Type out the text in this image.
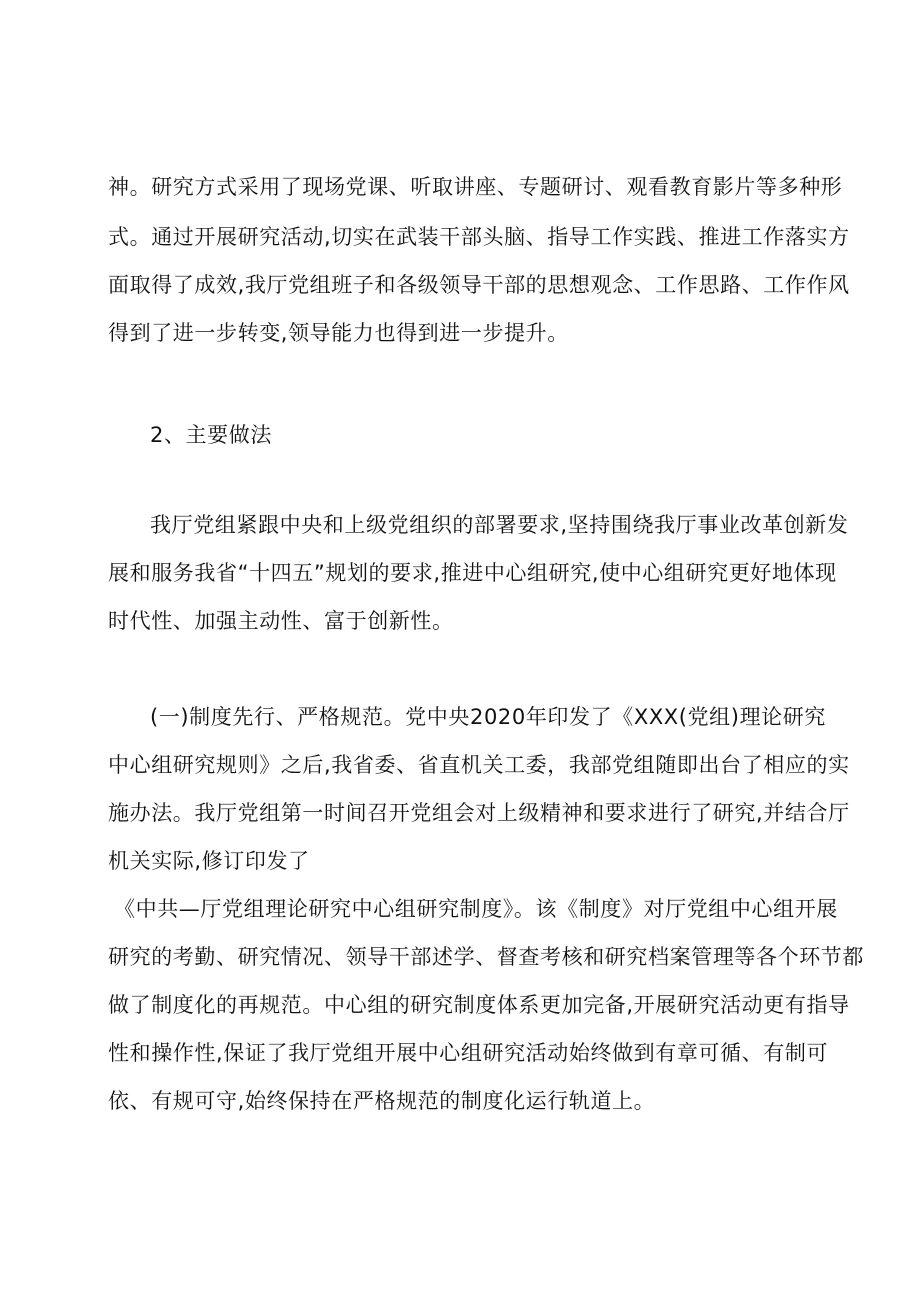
神。研究方式采用了现场党课、听取讲座、专题研讨、观看教育影片等多种形
式。通过开展研究活动,切实在武装干部头脑、指导工作实践、推进工作落实方
面取得了成效,我厅党组班子和各级领导干部的思想观念、工作思路、工作作风
得到了进一步转变,领导能力也得到进一步提升。
2、主要做法
我厅党组紧跟中央和上级党组织的部署要求,坚持围绕我厅事业改革创新发
展和服务我省“十四五”规划的要求,推进中心组研究,使中心组研究更好地体现
时代性、加强主动性、富于创新性。
(一)制度先行、严格规范。党中央2020年印发了《XXX(党组)理论研究
中心组研究规则》之后,我省委、省直机关工委，我部党组随即出台了相应的实
施办法。我厅党组第一时间召开党组会对上级精神和要求进行了研究,并结合厅
机关实际,修订印发了
《中共—厅党组理论研究中心组研究制度》。该《制度》对厅党组中心组开展
研究的考勤、研究情况、领导干部述学、督查考核和研究档案管理等各个环节都
做了制度化的再规范。中心组的研究制度体系更加完备,开展研究活动更有指导
性和操作性,保证了我厅党组开展中心组研究活动始终做到有章可循、有制可
依、有规可守,始终保持在严格规范的制度化运行轨道上。
